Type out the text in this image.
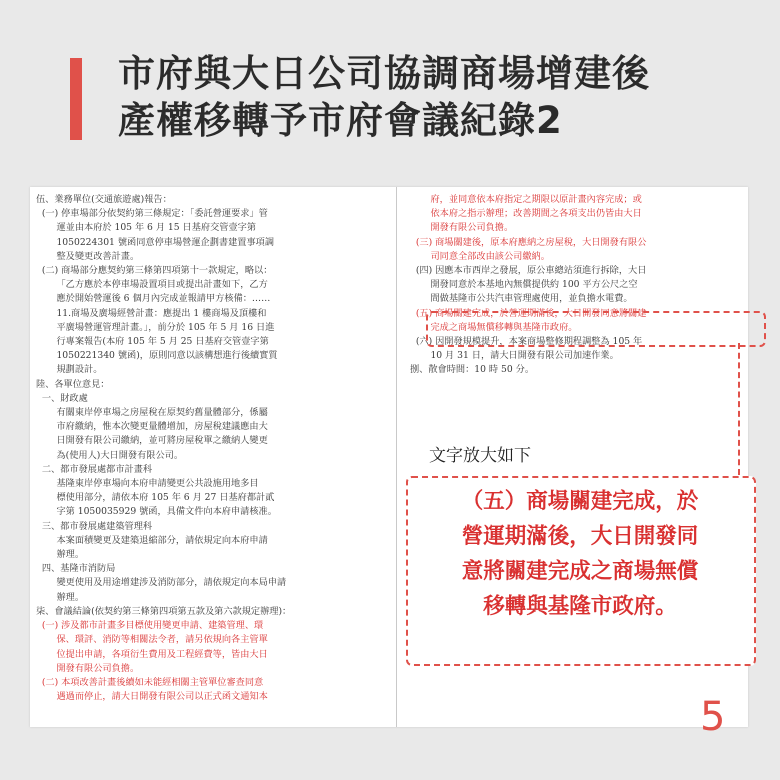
市府與大日公司協調商場增建後
產權移轉予市府會議紀錄2
伍、業務單位(交通旅遊處)報告：
(一) 停車場部分依契約第三條規定：「委託營運要求」管
運並由本府於 105 年 6 月 15 日基府交管壹字第
1050224301 號函同意停車場營運企劃書建置事項調
整及變更改善計畫。
(二) 商場部分應契約第三條第四項第十一款規定，略以：
「乙方應於本停車場設置項目或提出計畫如下，乙方
應於開始營運後 6 個月內完成並報請甲方核備：……
11.商場及廣場經營計畫：應提出 1 樓商場及頂樓和
平廣場營運管理計畫。」，前分於 105 年 5 月 16 日進
行專案報告(本府 105 年 5 月 25 日基府交管壹字第
1050221340 號函)，原則同意以該構想進行後續實質
規劃設計。
陸、各單位意見：
一、財政處
有關東岸停車場之房屋稅在原契約舊量體部分，係屬
市府繳納，惟本次變更量體增加，房屋稅建議應由大
日開發有限公司繳納，並可將房屋稅單之繳納人變更
為(使用人)大日開發有限公司。
二、都市發展處都市計畫科
基隆東岸停車場向本府申請變更公共設施用地多目
標使用部分，請依本府 105 年 6 月 27 日基府都計貳
字第 1050035929 號函，具備文件向本府申請核准。
三、都市發展處建築管理科
本案面積變更及建築退縮部分，請依規定向本府申請
辦理。
四、基隆市消防局
變更使用及用途增建涉及消防部分，請依規定向本局申請
辦理。
柒、會議結論(依契約第三條第四項第五款及第六款規定辦理)：
(一) 涉及都市計畫多目標使用變更申請、建築管理、環
保、環評、消防等相關法令者，請另依規向各主管單
位提出申請，各項衍生費用及工程經費等，皆由大日
開發有限公司負擔。
(二) 本項改善計畫後續如未能經相關主管單位審查同意
遇過而停止，請大日開發有限公司以正式函文通知本
府，並同意依本府指定之期限以原計畫內容完成；或
依本府之指示辦理；改善期間之各項支出仍皆由大日
開發有限公司負擔。
(三) 商場關建後，原本府應納之房屋稅，大日開發有限公
司同意全部改由該公司繳納。
(四) 因應本市西岸之發展，原公車總站須進行拆除，大日
開發同意於本基地內無償提供約 100 平方公尺之空
間做基隆市公共汽車管理處使用，並負擔水電費。
(五) 商場關建完成，於營運期滿後，大日開發同意將關建
完成之商場無償移轉與基隆市政府。
(六) 因開發規模提升，本案商場整修期程調整為 105 年
10 月 31 日，請大日開發有限公司加速作業。
捌、散會時間：10 時 50 分。
文字放大如下
（五）商場關建完成，於
營運期滿後，大日開發同
意將關建完成之商場無償
移轉與基隆市政府。
5
